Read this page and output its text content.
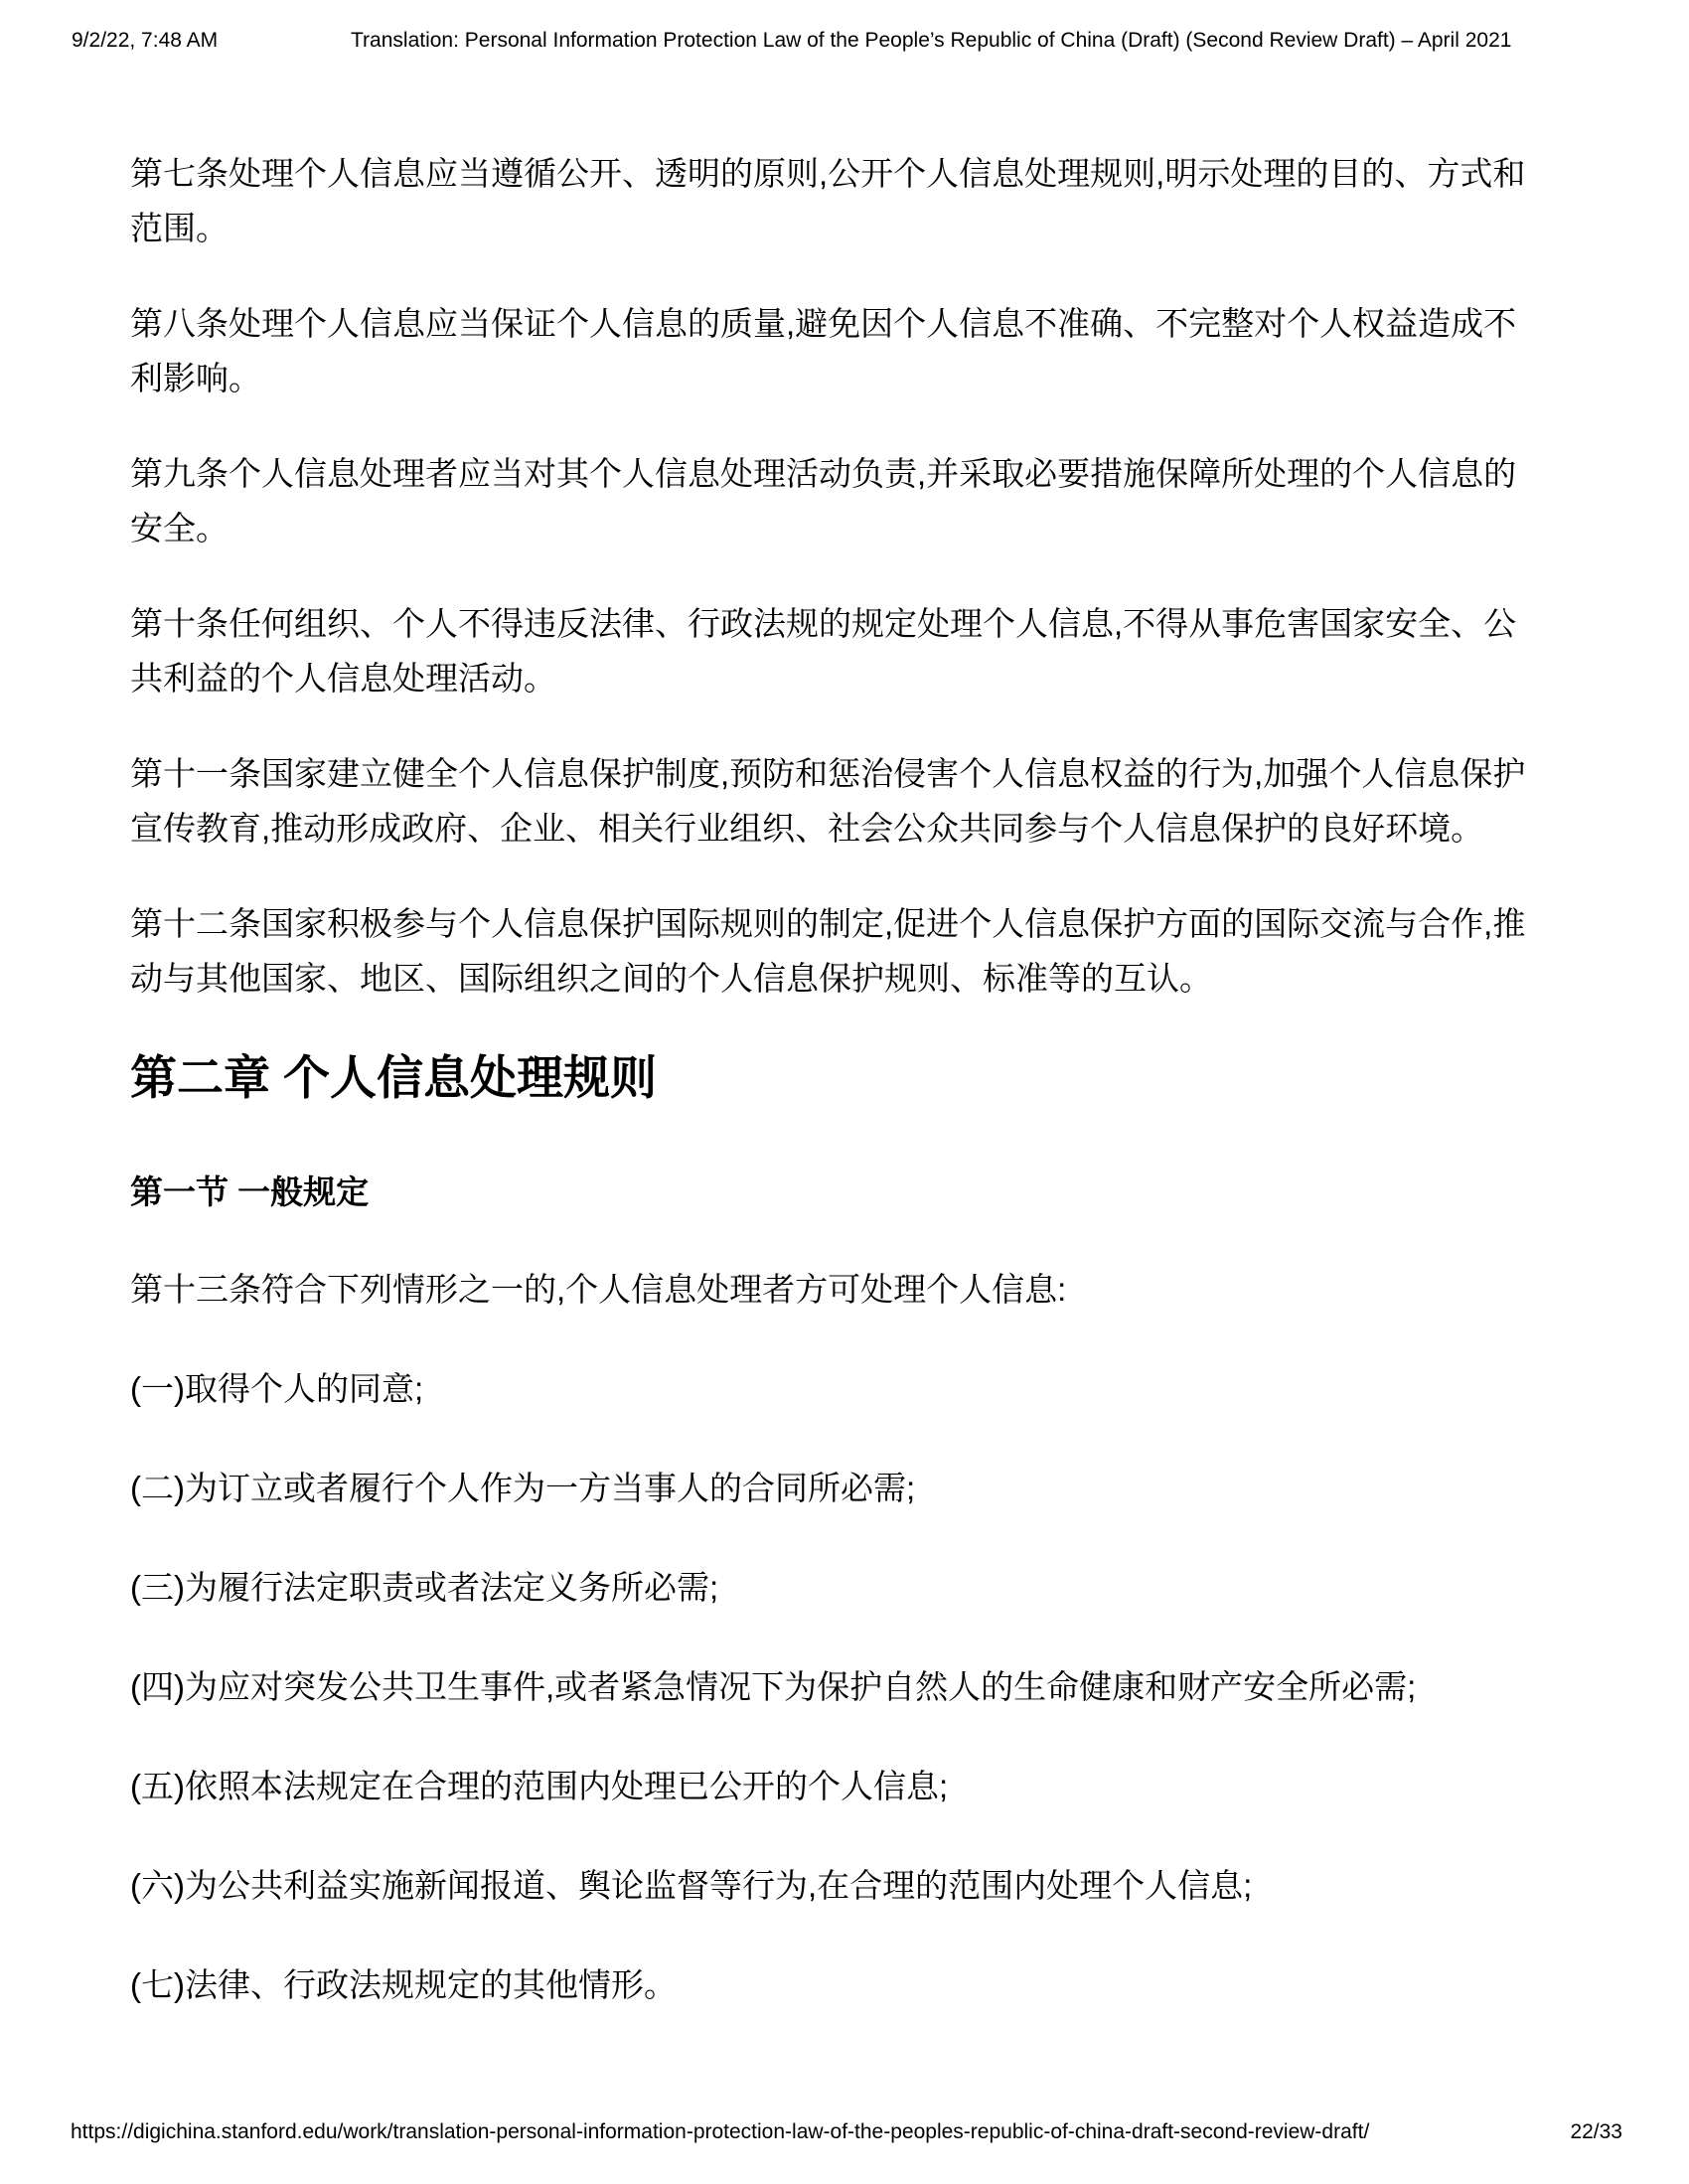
9/2/22, 7:48 AM	Translation: Personal Information Protection Law of the People’s Republic of China (Draft) (Second Review Draft) – April 2021
第七条处理个人信息应当遵循公开、透明的原则,公开个人信息处理规则,明示处理的目的、方式和
范围。
第八条处理个人信息应当保证个人信息的质量,避免因个人信息不准确、不完整对个人权益造成不
利影响。
第九条个人信息处理者应当对其个人信息处理活动负责,并采取必要措施保障所处理的个人信息的
安全。
第十条任何组织、个人不得违反法律、行政法规的规定处理个人信息,不得从事危害国家安全、公
共利益的个人信息处理活动。
第十一条国家建立健全个人信息保护制度,预防和惩治侵害个人信息权益的行为,加强个人信息保护
宣传教育,推动形成政府、企业、相关行业组织、社会公众共同参与个人信息保护的良好环境。
第十二条国家积极参与个人信息保护国际规则的制定,促进个人信息保护方面的国际交流与合作,推
动与其他国家、地区、国际组织之间的个人信息保护规则、标准等的互认。
第二章 个人信息处理规则
第一节 一般规定
第十三条符合下列情形之一的,个人信息处理者方可处理个人信息:
(一)取得个人的同意;
(二)为订立或者履行个人作为一方当事人的合同所必需;
(三)为履行法定职责或者法定义务所必需;
(四)为应对突发公共卫生事件,或者紧急情况下为保护自然人的生命健康和财产安全所必需;
(五)依照本法规定在合理的范围内处理已公开的个人信息;
(六)为公共利益实施新闻报道、舆论监督等行为,在合理的范围内处理个人信息;
(七)法律、行政法规规定的其他情形。
https://digichina.stanford.edu/work/translation-personal-information-protection-law-of-the-peoples-republic-of-china-draft-second-review-draft/	22/33
